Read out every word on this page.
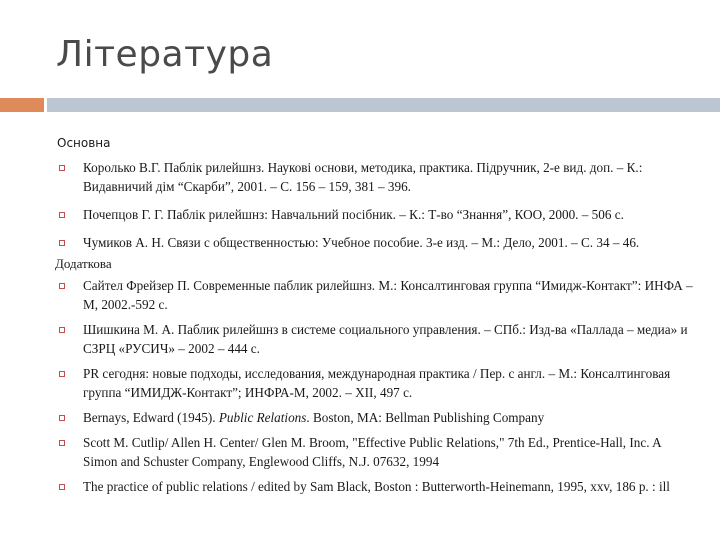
Література
Основна
Королько В.Г. Паблік рилейшнз. Наукові основи, методика, практика. Підручник, 2-е вид. доп. – К.: Видавничий дім “Скарби”, 2001. – С. 156 – 159, 381 – 396.
Почепцов Г. Г. Паблік рилейшнз: Навчальний посібник. – К.: Т-во “Знання”, КОО, 2000. – 506 с.
Чумиков А. Н. Связи с общественностью: Учебное пособие. 3-е изд. – М.: Дело, 2001. – С. 34 – 46.
Додаткова
Сайтел Фрейзер П. Современные паблик рилейшнз. М.: Консалтинговая группа “Имидж-Контакт”: ИНФА – М, 2002.-592 с.
Шишкина М. А. Паблик рилейшнз в системе социального управления. – СПб.: Изд-ва «Паллада – медиа» и СЗРЦ «РУСИЧ» – 2002 – 444 с.
PR сегодня: новые подходы, исследования, международная практика / Пер. с англ. – М.: Консалтинговая группа “ИМИДЖ-Контакт”; ИНФРА-М, 2002. – XII, 497 с.
Bernays, Edward (1945). Public Relations. Boston, MA: Bellman Publishing Company
Scott M. Cutlip/ Allen H. Center/ Glen M. Broom, "Effective Public Relations," 7th Ed., Prentice-Hall, Inc. A Simon and Schuster Company, Englewood Cliffs, N.J. 07632, 1994
The practice of public relations / edited by Sam Black, Boston : Butterworth-Heinemann, 1995, xxv, 186 p. : ill
